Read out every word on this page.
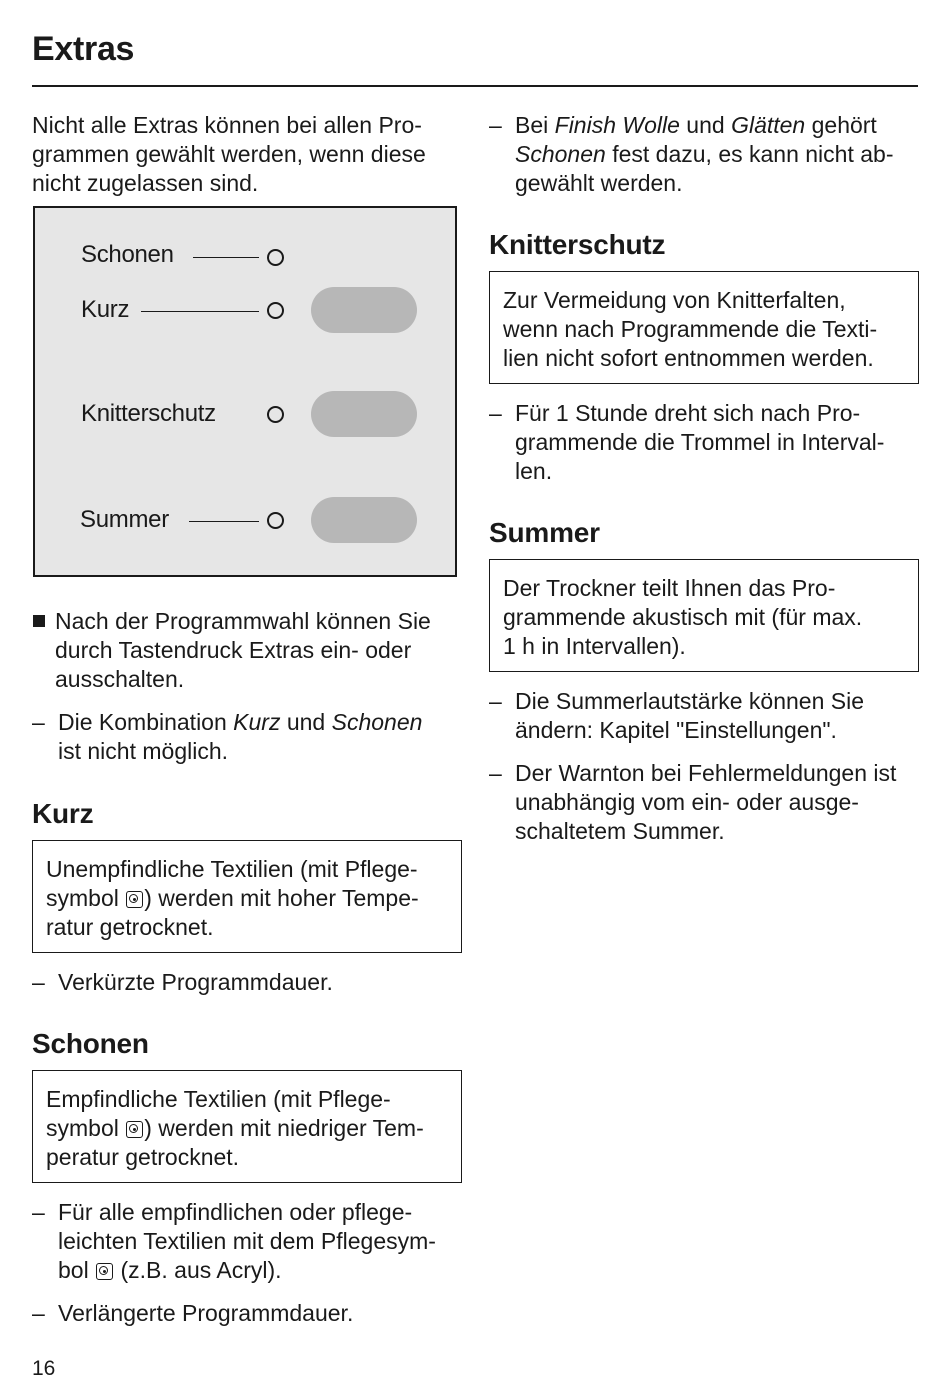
Extras

Nicht alle Extras können bei allen Pro-
grammen gewählt werden, wenn diese
nicht zugelassen sind.

Nach der Programmwahl können Sie
durch Tastendruck Extras ein- oder
ausschalten.
– Die Kombination Kurz und Schonen
ist nicht möglich.
Kurz
Unempfindliche Textilien (mit Pflege-
symbol
) werden mit hoher Tempe-
ratur getrocknet.
– Verkürzte Programmdauer.
Schonen
Empfindliche Textilien (mit Pflege-
symbol
) werden mit niedriger Tem-
peratur getrocknet.
– Für alle empfindlichen oder pflege-
leichten Textilien mit dem Pflegesym-
bol
(z.B. aus Acryl).
– Verlängerte Programmdauer.
Schonen
Kurz
Knitterschutz
Summer
– Bei Finish Wolle und Glätten gehört
Schonen fest dazu, es kann nicht ab-
gewählt werden.
Knitterschutz
Zur Vermeidung von Knitterfalten,
wenn nach Programmende die Texti-
lien nicht sofort entnommen werden.
– Für 1 Stunde dreht sich nach Pro-
grammende die Trommel in Interval-
len.
Summer
Der Trockner teilt Ihnen das Pro-
grammende akustisch mit (für max.
1 h in Intervallen).
– Die Summerlautstärke können Sie
ändern: Kapitel "Einstellungen".
– Der Warnton bei Fehlermeldungen ist
unabhängig vom ein- oder ausge-
schaltetem Summer.
16
